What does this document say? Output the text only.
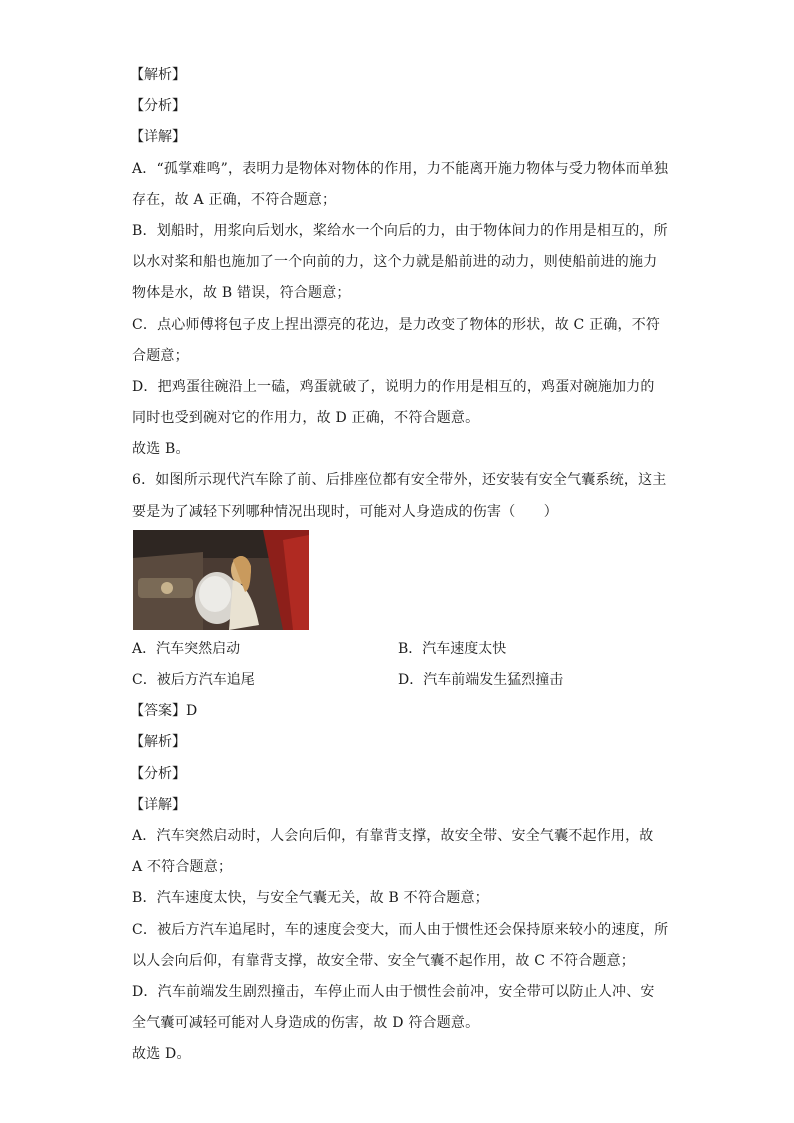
【解析】
【分析】
【详解】
A．“孤掌难鸣”，表明力是物体对物体的作用，力不能离开施力物体与受力物体而单独
存在，故 A 正确，不符合题意；
B．划船时，用浆向后划水，桨给水一个向后的力，由于物体间力的作用是相互的，所
以水对桨和船也施加了一个向前的力，这个力就是船前进的动力，则使船前进的施力
物体是水，故 B 错误，符合题意；
C．点心师傅将包子皮上捏出漂亮的花边，是力改变了物体的形状，故 C 正确，不符
合题意；
D．把鸡蛋往碗沿上一磕，鸡蛋就破了，说明力的作用是相互的，鸡蛋对碗施加力的
同时也受到碗对它的作用力，故 D 正确，不符合题意。
故选 B。
6．如图所示现代汽车除了前、后排座位都有安全带外，还安装有安全气囊系统，这主
要是为了减轻下列哪种情况出现时，可能对人身造成的伤害（　　）
A．汽车突然启动	B．汽车速度太快
C．被后方汽车追尾	D．汽车前端发生猛烈撞击
【答案】D
【解析】
【分析】
【详解】
A．汽车突然启动时，人会向后仰，有靠背支撑，故安全带、安全气囊不起作用，故
A 不符合题意；
B．汽车速度太快，与安全气囊无关，故 B 不符合题意；
C．被后方汽车追尾时，车的速度会变大，而人由于惯性还会保持原来较小的速度，所
以人会向后仰，有靠背支撑，故安全带、安全气囊不起作用，故 C 不符合题意；
D．汽车前端发生剧烈撞击，车停止而人由于惯性会前冲，安全带可以防止人冲、安
全气囊可减轻可能对人身造成的伤害，故 D 符合题意。
故选 D。
